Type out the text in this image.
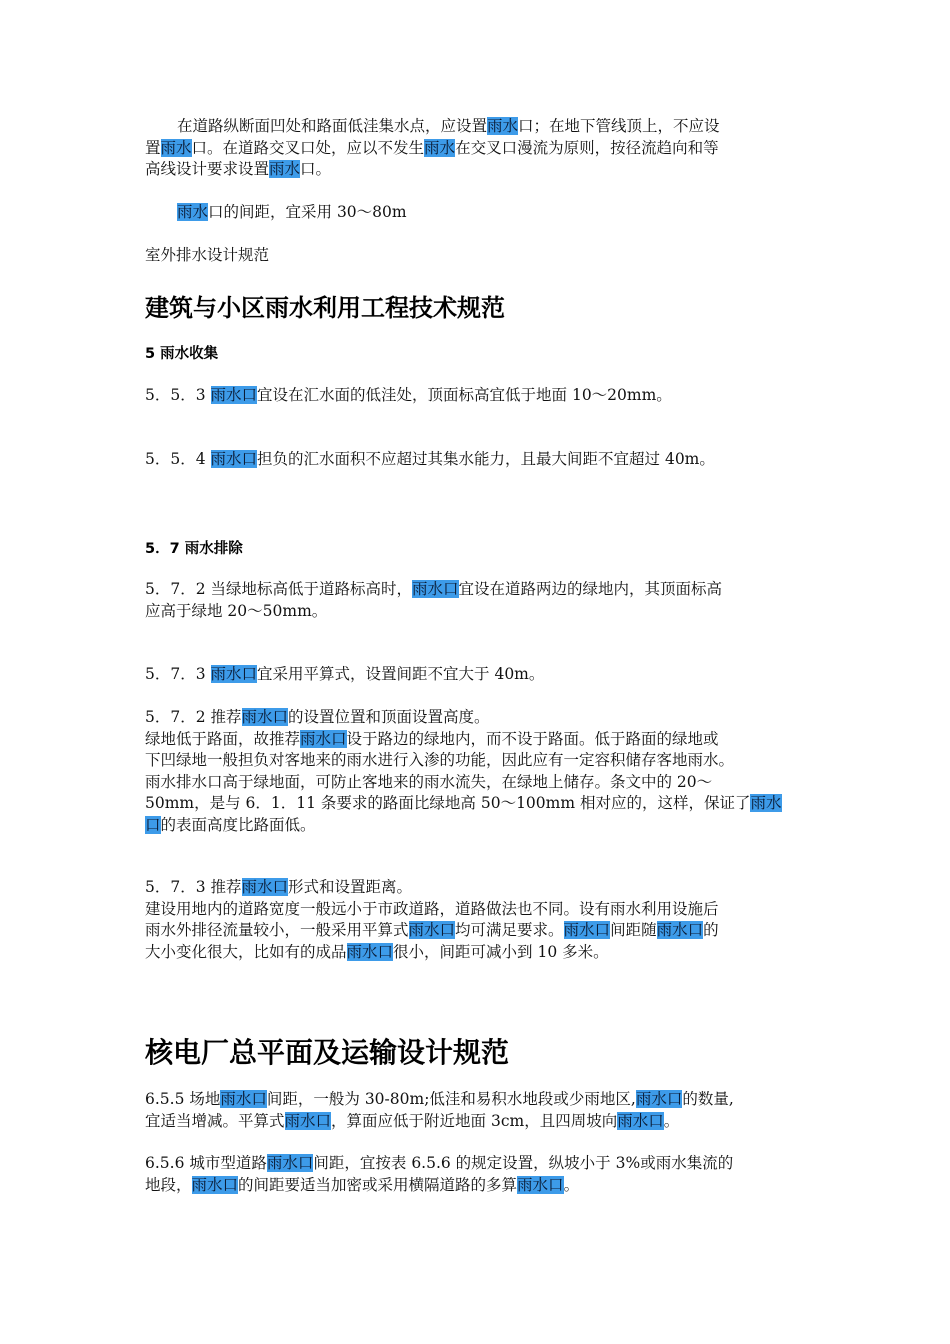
在道路纵断面凹处和路面低洼集水点，应设置雨水口；在地下管线顶上，不应设
置雨水口。在道路交叉口处，应以不发生雨水在交叉口漫流为原则，按径流趋向和等
高线设计要求设置雨水口。
雨水口的间距，宜采用 30～80m
室外排水设计规范
建筑与小区雨水利用工程技术规范
5 雨水收集
5．5．3 雨水口宜设在汇水面的低洼处，顶面标高宜低于地面 10～20mm。
5．5．4 雨水口担负的汇水面积不应超过其集水能力，且最大间距不宜超过 40m。
5．7 雨水排除
5．7．2 当绿地标高低于道路标高时，雨水口宜设在道路两边的绿地内，其顶面标高
应高于绿地 20～50mm。
5．7．3 雨水口宜采用平算式，设置间距不宜大于 40m。
5．7．2 推荐雨水口的设置位置和顶面设置高度。
绿地低于路面，故推荐雨水口设于路边的绿地内，而不设于路面。低于路面的绿地或
下凹绿地一般担负对客地来的雨水进行入渗的功能，因此应有一定容积储存客地雨水。
雨水排水口高于绿地面，可防止客地来的雨水流失，在绿地上储存。条文中的 20～
50mm，是与 6．1．11 条要求的路面比绿地高 50～100mm 相对应的，这样，保证了雨水
口的表面高度比路面低。
5．7．3 推荐雨水口形式和设置距离。
建设用地内的道路宽度一般远小于市政道路，道路做法也不同。设有雨水利用设施后
雨水外排径流量较小，一般采用平算式雨水口均可满足要求。雨水口间距随雨水口的
大小变化很大，比如有的成品雨水口很小，间距可减小到 10 多米。
核电厂总平面及运输设计规范
6.5.5 场地雨水口间距，一般为 30-80m;低洼和易积水地段或少雨地区,雨水口的数量,
宜适当增减。平算式雨水口，算面应低于附近地面 3cm，且四周坡向雨水口。
6.5.6 城市型道路雨水口间距，宜按表 6.5.6 的规定设置，纵坡小于 3%或雨水集流的
地段，雨水口的间距要适当加密或采用横隔道路的多算雨水口。
